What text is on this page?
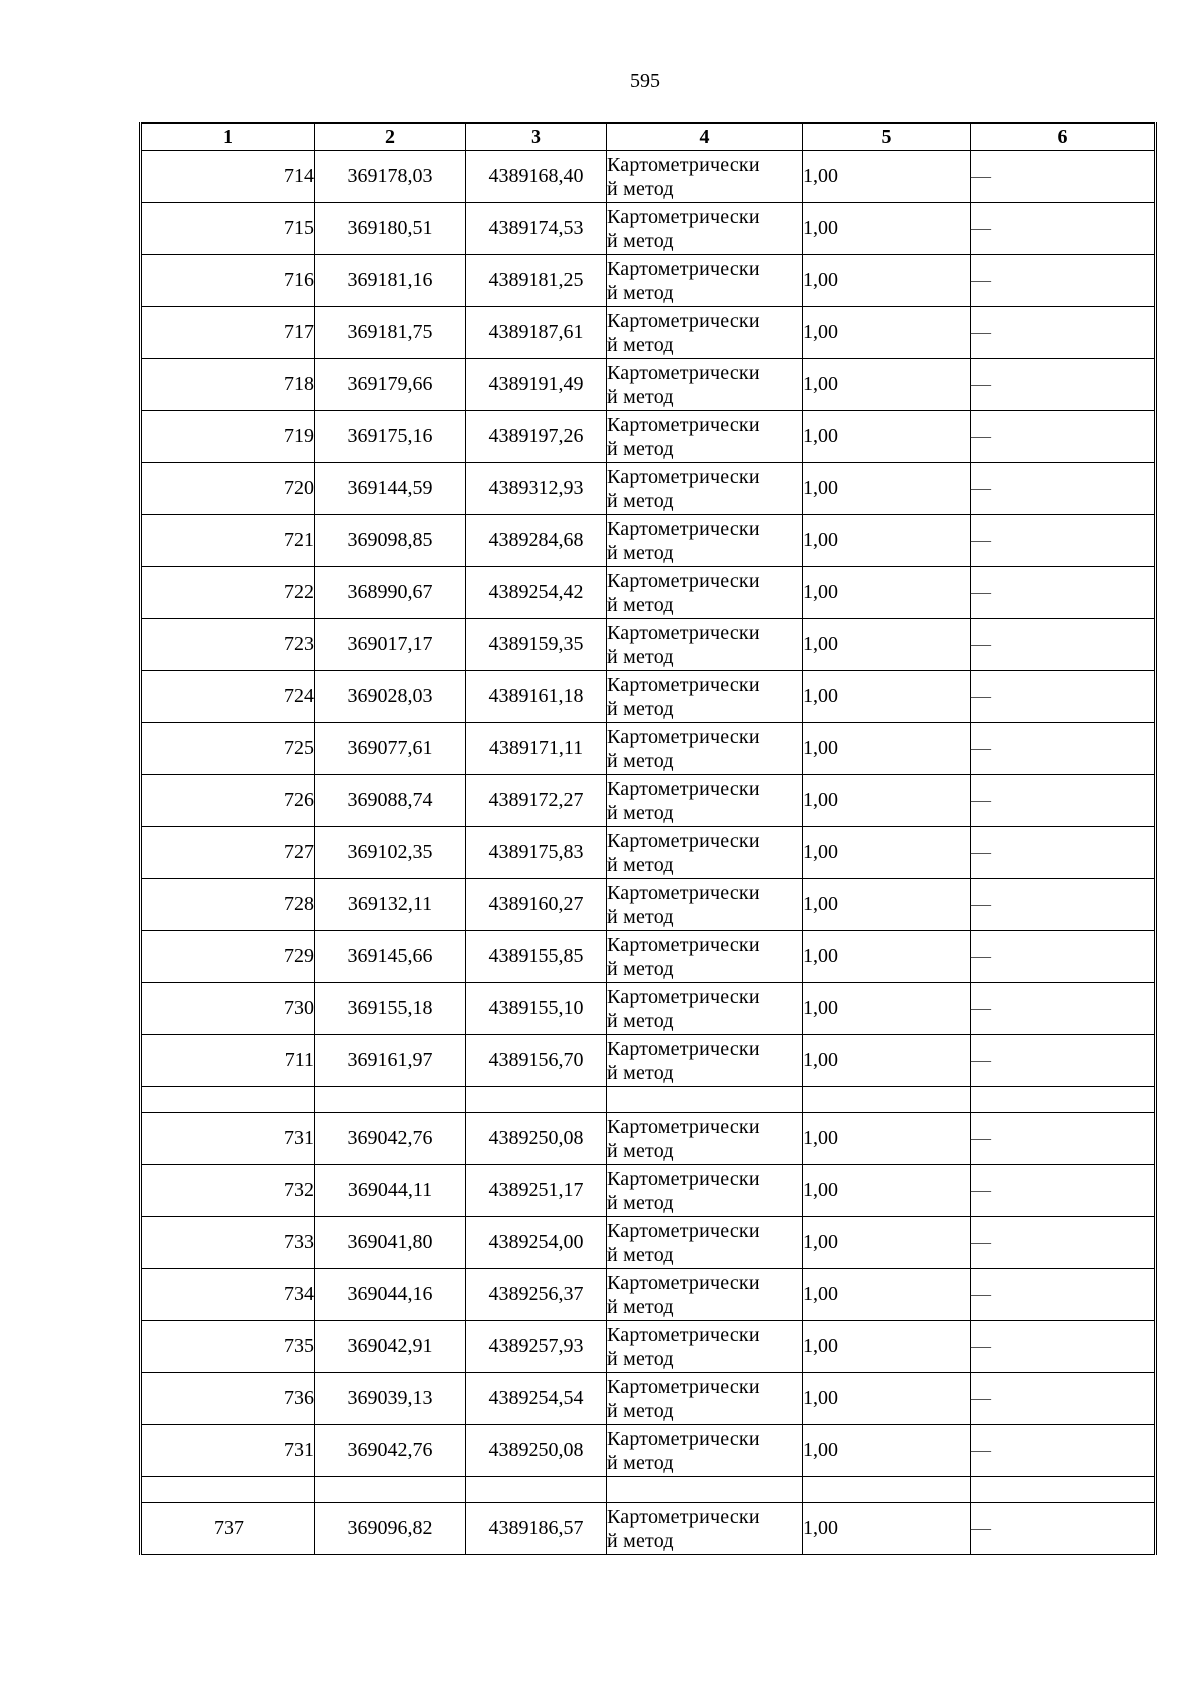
595
1	2	3	4	5	6
714	369178,03	4389168,40	Картометрически
й метод	1,00	—
715	369180,51	4389174,53	Картометрически
й метод	1,00	—
716	369181,16	4389181,25	Картометрически
й метод	1,00	—
717	369181,75	4389187,61	Картометрически
й метод	1,00	—
718	369179,66	4389191,49	Картометрически
й метод	1,00	—
719	369175,16	4389197,26	Картометрически
й метод	1,00	—
720	369144,59	4389312,93	Картометрически
й метод	1,00	—
721	369098,85	4389284,68	Картометрически
й метод	1,00	—
722	368990,67	4389254,42	Картометрически
й метод	1,00	—
723	369017,17	4389159,35	Картометрически
й метод	1,00	—
724	369028,03	4389161,18	Картометрически
й метод	1,00	—
725	369077,61	4389171,11	Картометрически
й метод	1,00	—
726	369088,74	4389172,27	Картометрически
й метод	1,00	—
727	369102,35	4389175,83	Картометрически
й метод	1,00	—
728	369132,11	4389160,27	Картометрически
й метод	1,00	—
729	369145,66	4389155,85	Картометрически
й метод	1,00	—
730	369155,18	4389155,10	Картометрически
й метод	1,00	—
711	369161,97	4389156,70	Картометрически
й метод	1,00	—

731	369042,76	4389250,08	Картометрически
й метод	1,00	—
732	369044,11	4389251,17	Картометрически
й метод	1,00	—
733	369041,80	4389254,00	Картометрически
й метод	1,00	—
734	369044,16	4389256,37	Картометрически
й метод	1,00	—
735	369042,91	4389257,93	Картометрически
й метод	1,00	—
736	369039,13	4389254,54	Картометрически
й метод	1,00	—
731	369042,76	4389250,08	Картометрически
й метод	1,00	—

737	369096,82	4389186,57	Картометрически
й метод	1,00	—
